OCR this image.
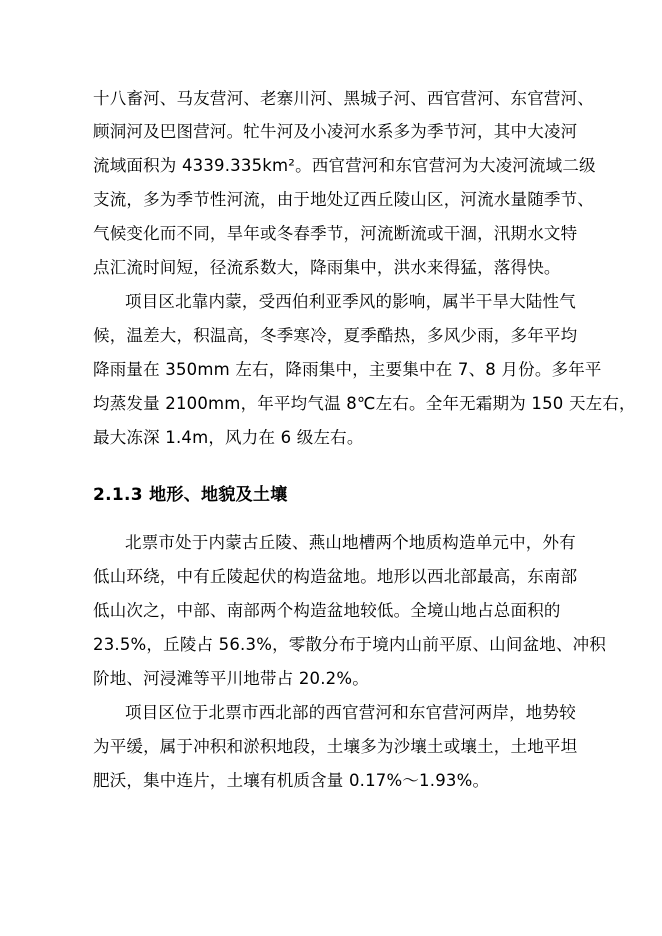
十八畜河、马友营河、老寨川河、黑城子河、西官营河、东官营河、
顾洞河及巴图营河。牤牛河及小凌河水系多为季节河，其中大凌河
流域面积为 4339.335km²。西官营河和东官营河为大凌河流域二级
支流，多为季节性河流，由于地处辽西丘陵山区，河流水量随季节、
气候变化而不同，旱年或冬春季节，河流断流或干涸，汛期水文特
点汇流时间短，径流系数大，降雨集中，洪水来得猛，落得快。
项目区北靠内蒙，受西伯利亚季风的影响，属半干旱大陆性气
候，温差大，积温高，冬季寒冷，夏季酷热，多风少雨，多年平均
降雨量在 350mm 左右，降雨集中，主要集中在 7、8 月份。多年平
均蒸发量 2100mm，年平均气温 8℃左右。全年无霜期为 150 天左右，
最大冻深 1.4m，风力在 6 级左右。
2.1.3 地形、地貌及土壤
北票市处于内蒙古丘陵、燕山地槽两个地质构造单元中，外有
低山环绕，中有丘陵起伏的构造盆地。地形以西北部最高，东南部
低山次之，中部、南部两个构造盆地较低。全境山地占总面积的
23.5%，丘陵占 56.3%，零散分布于境内山前平原、山间盆地、冲积
阶地、河浸滩等平川地带占 20.2%。
项目区位于北票市西北部的西官营河和东官营河两岸，地势较
为平缓，属于冲积和淤积地段，土壤多为沙壤土或壤土，土地平坦
肥沃，集中连片，土壤有机质含量 0.17%～1.93%。
